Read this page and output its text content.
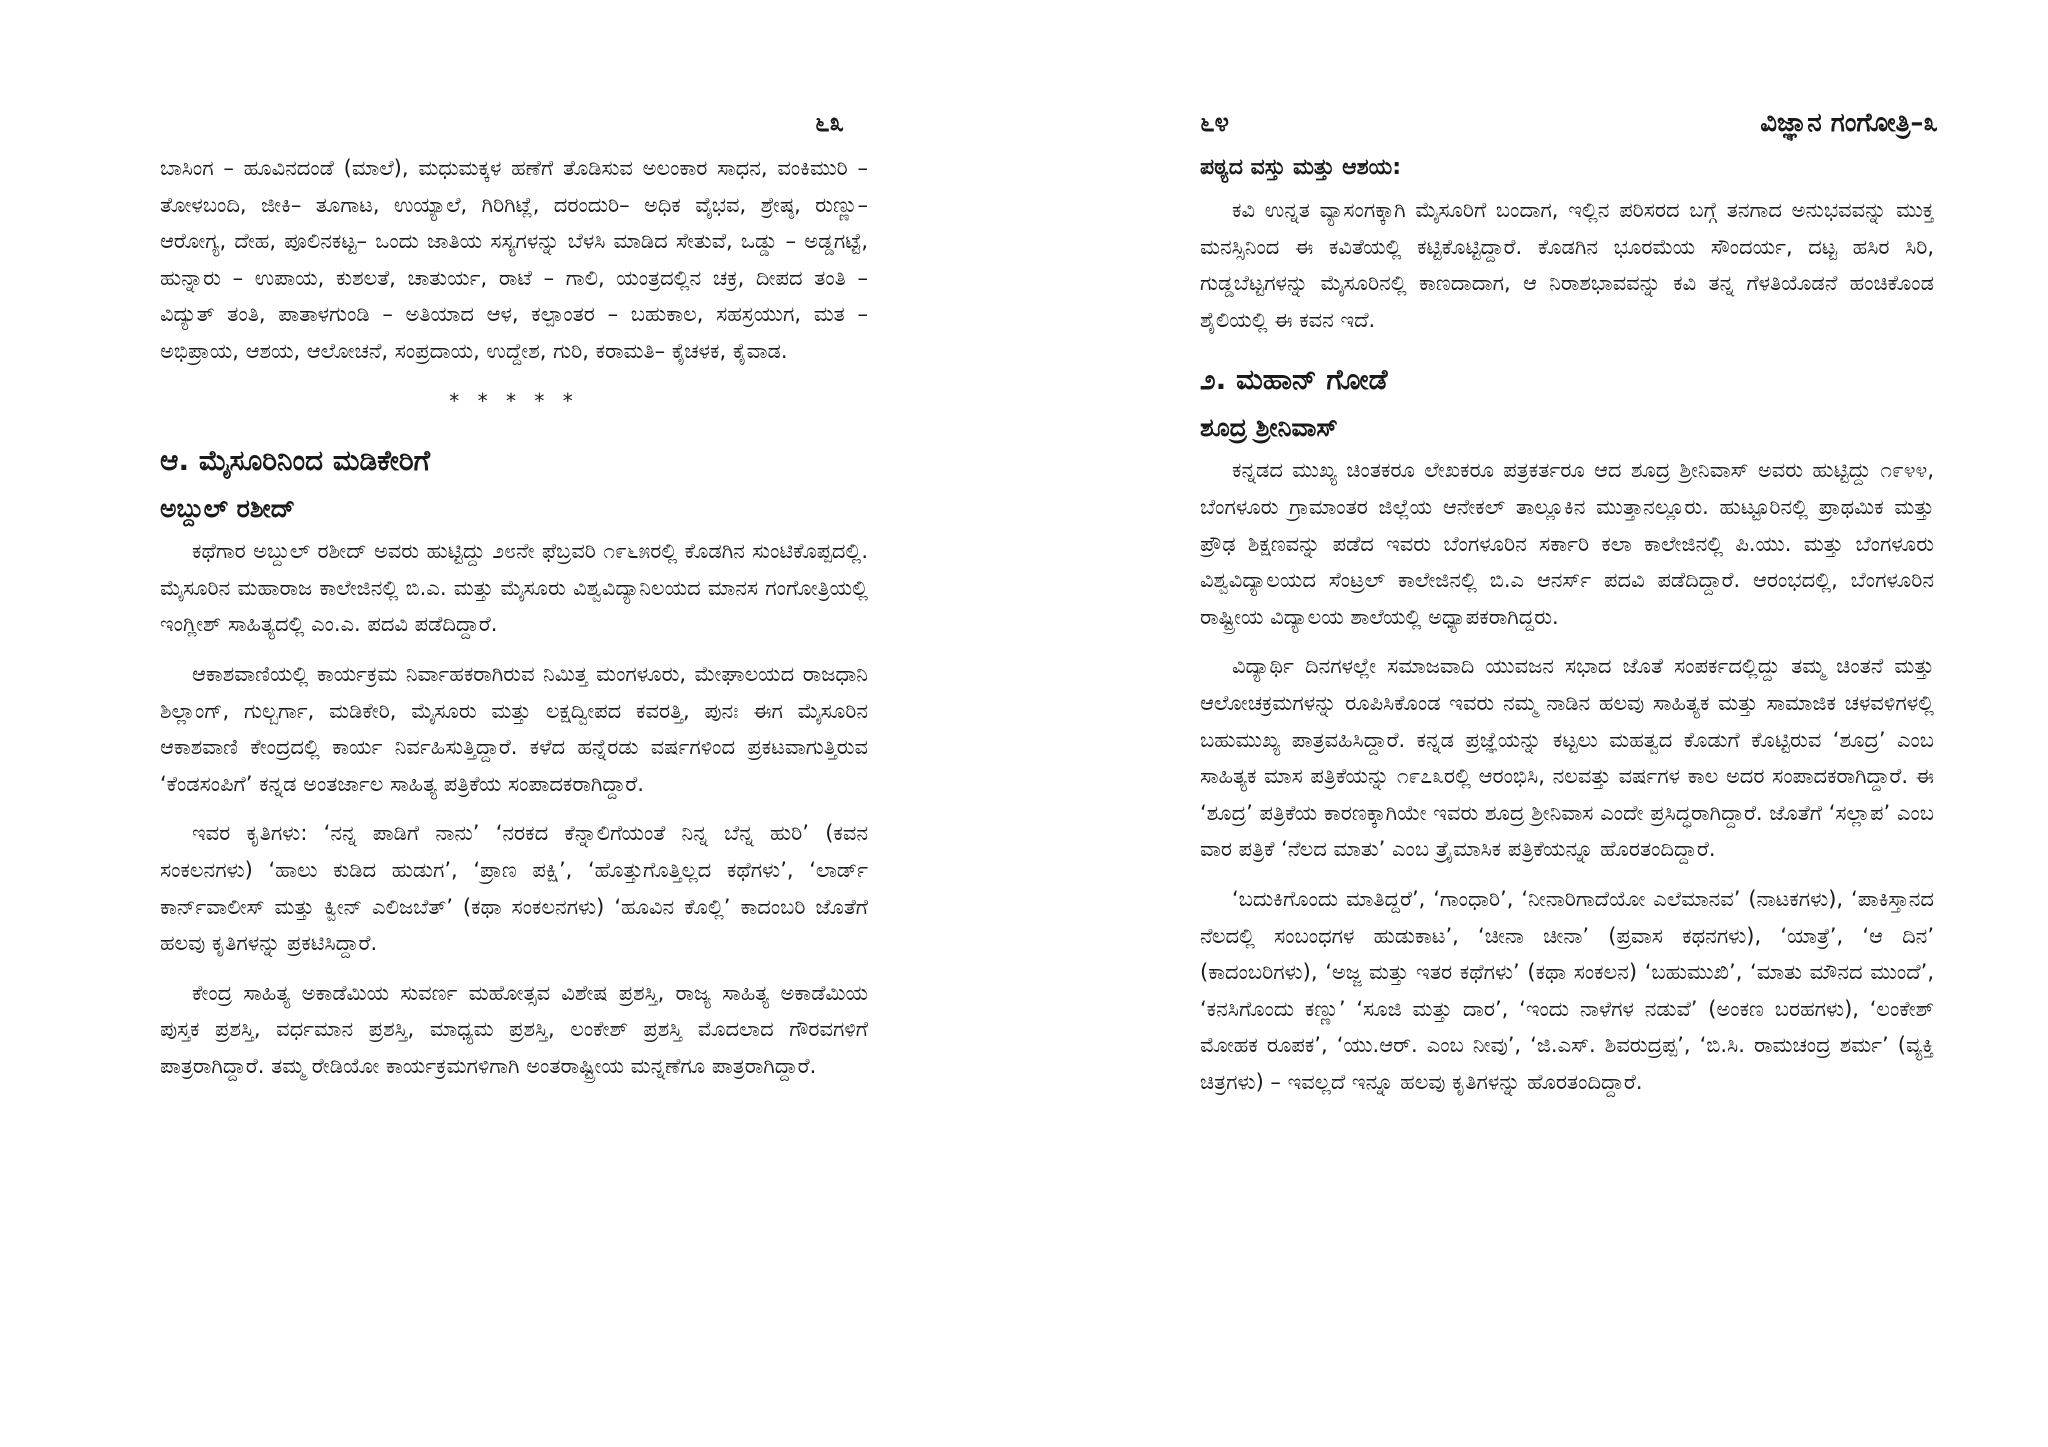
೬೩

ಬಾಸಿಂಗ – ಹೂವಿನದಂಡೆ (ಮಾಲೆ), ಮಧುಮಕ್ಕಳ ಹಣೆಗೆ ತೊಡಿಸುವ ಅಲಂಕಾರ ಸಾಧನ, ವಂಕಿಮುರಿ – ತೋಳಬಂದಿ, ಜೀಕಿ– ತೂಗಾಟ, ಉಯ್ಯಾಲೆ, ಗಿರಿಗಿಟ್ಲೆ, ದರಂದುರಿ– ಅಧಿಕ ವೈಭವ, ಶ್ರೇಷ್ಠ, ರುಣ್ಣು– ಆರೋಗ್ಯ, ದೇಹ, ಪೂಲಿನಕಟ್ಟ– ಒಂದು ಜಾತಿಯ ಸಸ್ಯಗಳನ್ನು ಬೆಳಸಿ ಮಾಡಿದ ಸೇತುವೆ, ಒಡ್ಡು – ಅಡ್ಡಗಟ್ಟೆ, ಹುನ್ನಾರು – ಉಪಾಯ, ಕುಶಲತೆ, ಚಾತುರ್ಯ, ರಾಟೆ – ಗಾಲಿ, ಯಂತ್ರದಲ್ಲಿನ ಚಕ್ರ, ದೀಪದ ತಂತಿ – ವಿದ್ಯುತ್ ತಂತಿ, ಪಾತಾಳಗುಂಡಿ – ಅತಿಯಾದ ಆಳ, ಕಲ್ಪಾಂತರ – ಬಹುಕಾಲ, ಸಹಸ್ರಯುಗ, ಮತ – ಅಭಿಪ್ರಾಯ, ಆಶಯ, ಆಲೋಚನೆ, ಸಂಪ್ರದಾಯ, ಉದ್ದೇಶ, ಗುರಿ, ಕರಾಮತಿ– ಕೈಚಳಕ, ಕೈವಾಡ.

* * * * *
ಆ. ಮೈಸೂರಿನಿಂದ ಮಡಿಕೇರಿಗೆ
ಅಬ್ದುಲ್ ರಶೀದ್

ಕಥೆಗಾರ ಅಬ್ದುಲ್ ರಶೀದ್ ಅವರು ಹುಟ್ಟಿದ್ದು ೨೮ನೇ ಫೆಬ್ರವರಿ ೧೯೬೫ರಲ್ಲಿ ಕೊಡಗಿನ ಸುಂಟಿಕೊಪ್ಪದಲ್ಲಿ. ಮೈಸೂರಿನ ಮಹಾರಾಜ ಕಾಲೇಜಿನಲ್ಲಿ ಬಿ.ಎ. ಮತ್ತು ಮೈಸೂರು ವಿಶ್ವವಿದ್ಯಾನಿಲಯದ ಮಾನಸ ಗಂಗೋತ್ರಿಯಲ್ಲಿ ಇಂಗ್ಲೀಶ್ ಸಾಹಿತ್ಯದಲ್ಲಿ ಎಂ.ಎ. ಪದವಿ ಪಡೆದಿದ್ದಾರೆ.

ಆಕಾಶವಾಣಿಯಲ್ಲಿ ಕಾರ್ಯಕ್ರಮ ನಿರ್ವಾಹಕರಾಗಿರುವ ನಿಮಿತ್ತ ಮಂಗಳೂರು, ಮೇಘಾಲಯದ ರಾಜಧಾನಿ ಶಿಲ್ಲಾಂಗ್, ಗುಲ್ಬರ್ಗಾ, ಮಡಿಕೇರಿ, ಮೈಸೂರು ಮತ್ತು ಲಕ್ಷದ್ವೀಪದ ಕವರತ್ತಿ, ಪುನಃ ಈಗ ಮೈಸೂರಿನ ಆಕಾಶವಾಣಿ ಕೇಂದ್ರದಲ್ಲಿ ಕಾರ್ಯ ನಿರ್ವಹಿಸುತ್ತಿದ್ದಾರೆ. ಕಳೆದ ಹನ್ನೆರಡು ವರ್ಷಗಳಿಂದ ಪ್ರಕಟವಾಗುತ್ತಿರುವ ‘ಕೆಂಡಸಂಪಿಗೆ’ ಕನ್ನಡ ಅಂತರ್ಜಾಲ ಸಾಹಿತ್ಯ ಪತ್ರಿಕೆಯ ಸಂಪಾದಕರಾಗಿದ್ದಾರೆ.

ಇವರ ಕೃತಿಗಳು: ‘ನನ್ನ ಪಾಡಿಗೆ ನಾನು’ ‘ನರಕದ ಕೆನ್ನಾಲಿಗೆಯಂತೆ ನಿನ್ನ ಬೆನ್ನ ಹುರಿ’ (ಕವನ ಸಂಕಲನಗಳು) ‘ಹಾಲು ಕುಡಿದ ಹುಡುಗ’, ‘ಪ್ರಾಣ ಪಕ್ಷಿ’, ‘ಹೊತ್ತುಗೊತ್ತಿಲ್ಲದ ಕಥೆಗಳು’, ‘ಲಾರ್ಡ್ ಕಾರ್ನ್‌ವಾಲೀಸ್ ಮತ್ತು ಕ್ವೀನ್ ಎಲಿಜಬೆತ್’ (ಕಥಾ ಸಂಕಲನಗಳು) ‘ಹೂವಿನ ಕೊಲ್ಲಿ’ ಕಾದಂಬರಿ ಜೊತೆಗೆ ಹಲವು ಕೃತಿಗಳನ್ನು ಪ್ರಕಟಿಸಿದ್ದಾರೆ.

ಕೇಂದ್ರ ಸಾಹಿತ್ಯ ಅಕಾಡೆಮಿಯ ಸುವರ್ಣ ಮಹೋತ್ಸವ ವಿಶೇಷ ಪ್ರಶಸ್ತಿ, ರಾಜ್ಯ ಸಾಹಿತ್ಯ ಅಕಾಡೆಮಿಯ ಪುಸ್ತಕ ಪ್ರಶಸ್ತಿ, ವರ್ಧಮಾನ ಪ್ರಶಸ್ತಿ, ಮಾಧ್ಯಮ ಪ್ರಶಸ್ತಿ, ಲಂಕೇಶ್ ಪ್ರಶಸ್ತಿ ಮೊದಲಾದ ಗೌರವಗಳಿಗೆ ಪಾತ್ರರಾಗಿದ್ದಾರೆ. ತಮ್ಮ ರೇಡಿಯೋ ಕಾರ್ಯಕ್ರಮಗಳಿಗಾಗಿ ಅಂತರಾಷ್ಟ್ರೀಯ ಮನ್ನಣೆಗೂ ಪಾತ್ರರಾಗಿದ್ದಾರೆ.

೬೪	ವಿಜ್ಞಾನ ಗಂಗೋತ್ರಿ–೩
ಪಠ್ಯದ ವಸ್ತು ಮತ್ತು ಆಶಯ:

ಕವಿ ಉನ್ನತ ವ್ಯಾಸಂಗಕ್ಕಾಗಿ ಮೈಸೂರಿಗೆ ಬಂದಾಗ, ಇಲ್ಲಿನ ಪರಿಸರದ ಬಗ್ಗೆ ತನಗಾದ ಅನುಭವವನ್ನು ಮುಕ್ತ ಮನಸ್ಸಿನಿಂದ ಈ ಕವಿತೆಯಲ್ಲಿ ಕಟ್ಟಿಕೊಟ್ಟಿದ್ದಾರೆ. ಕೊಡಗಿನ ಭೂರಮೆಯ ಸೌಂದರ್ಯ, ದಟ್ಟ ಹಸಿರ ಸಿರಿ, ಗುಡ್ಡಬೆಟ್ಟಗಳನ್ನು ಮೈಸೂರಿನಲ್ಲಿ ಕಾಣದಾದಾಗ, ಆ ನಿರಾಶಭಾವವನ್ನು ಕವಿ ತನ್ನ ಗೆಳತಿಯೊಡನೆ ಹಂಚಿಕೊಂಡ ಶೈಲಿಯಲ್ಲಿ ಈ ಕವನ ಇದೆ.

೨. ಮಹಾನ್ ಗೋಡೆ
ಶೂದ್ರ ಶ್ರೀನಿವಾಸ್

ಕನ್ನಡದ ಮುಖ್ಯ ಚಿಂತಕರೂ ಲೇಖಕರೂ ಪತ್ರಕರ್ತರೂ ಆದ ಶೂದ್ರ ಶ್ರೀನಿವಾಸ್ ಅವರು ಹುಟ್ಟಿದ್ದು ೧೯೪೪, ಬೆಂಗಳೂರು ಗ್ರಾಮಾಂತರ ಜಿಲ್ಲೆಯ ಆನೇಕಲ್ ತಾಲ್ಲೂಕಿನ ಮುತ್ತಾನಲ್ಲೂರು. ಹುಟ್ಟೂರಿನಲ್ಲಿ ಪ್ರಾಥಮಿಕ ಮತ್ತು ಪ್ರೌಢ ಶಿಕ್ಷಣವನ್ನು ಪಡೆದ ಇವರು ಬೆಂಗಳೂರಿನ ಸರ್ಕಾರಿ ಕಲಾ ಕಾಲೇಜಿನಲ್ಲಿ ಪಿ.ಯು. ಮತ್ತು ಬೆಂಗಳೂರು ವಿಶ್ವವಿದ್ಯಾಲಯದ ಸೆಂಟ್ರಲ್ ಕಾಲೇಜಿನಲ್ಲಿ ಬಿ.ಎ ಆನರ್ಸ್ ಪದವಿ ಪಡೆದಿದ್ದಾರೆ. ಆರಂಭದಲ್ಲಿ, ಬೆಂಗಳೂರಿನ ರಾಷ್ಟ್ರೀಯ ವಿದ್ಯಾಲಯ ಶಾಲೆಯಲ್ಲಿ ಅಧ್ಯಾಪಕರಾಗಿದ್ದರು.

ವಿದ್ಯಾರ್ಥಿ ದಿನಗಳಲ್ಲೇ ಸಮಾಜವಾದಿ ಯುವಜನ ಸಭಾದ ಜೊತೆ ಸಂಪರ್ಕದಲ್ಲಿದ್ದು ತಮ್ಮ ಚಿಂತನೆ ಮತ್ತು ಆಲೋಚಕ್ರಮಗಳನ್ನು ರೂಪಿಸಿಕೊಂಡ ಇವರು ನಮ್ಮ ನಾಡಿನ ಹಲವು ಸಾಹಿತ್ಯಕ ಮತ್ತು ಸಾಮಾಜಿಕ ಚಳವಳಿಗಳಲ್ಲಿ ಬಹುಮುಖ್ಯ ಪಾತ್ರವಹಿಸಿದ್ದಾರೆ. ಕನ್ನಡ ಪ್ರಜ್ಞೆಯನ್ನು ಕಟ್ಟಲು ಮಹತ್ವದ ಕೊಡುಗೆ ಕೊಟ್ಟಿರುವ ‘ಶೂದ್ರ’ ಎಂಬ ಸಾಹಿತ್ಯಕ ಮಾಸ ಪತ್ರಿಕೆಯನ್ನು ೧೯೭೩ರಲ್ಲಿ ಆರಂಭಿಸಿ, ನಲವತ್ತು ವರ್ಷಗಳ ಕಾಲ ಅದರ ಸಂಪಾದಕರಾಗಿದ್ದಾರೆ. ಈ ‘ಶೂದ್ರ’ ಪತ್ರಿಕೆಯ ಕಾರಣಕ್ಕಾಗಿಯೇ ಇವರು ಶೂದ್ರ ಶ್ರೀನಿವಾಸ ಎಂದೇ ಪ್ರಸಿದ್ಧರಾಗಿದ್ದಾರೆ. ಜೊತೆಗೆ ‘ಸಲ್ಲಾಪ’ ಎಂಬ ವಾರ ಪತ್ರಿಕೆ ‘ನೆಲದ ಮಾತು’ ಎಂಬ ತ್ರೈಮಾಸಿಕ ಪತ್ರಿಕೆಯನ್ನೂ ಹೊರತಂದಿದ್ದಾರೆ.

‘ಬದುಕಿಗೊಂದು ಮಾತಿದ್ದರೆ’, ‘ಗಾಂಧಾರಿ’, ‘ನೀನಾರಿಗಾದೆಯೋ ಎಲೆಮಾನವ’ (ನಾಟಕಗಳು), ‘ಪಾಕಿಸ್ತಾನದ ನೆಲದಲ್ಲಿ ಸಂಬಂಧಗಳ ಹುಡುಕಾಟ’, ‘ಚೀನಾ ಚೀನಾ’ (ಪ್ರವಾಸ ಕಥನಗಳು), ‘ಯಾತ್ರೆ’, ‘ಆ ದಿನ’ (ಕಾದಂಬರಿಗಳು), ‘ಅಜ್ಜ ಮತ್ತು ಇತರ ಕಥೆಗಳು’ (ಕಥಾ ಸಂಕಲನ) ‘ಬಹುಮುಖಿ’, ‘ಮಾತು ಮೌನದ ಮುಂದೆ’, ‘ಕನಸಿಗೊಂದು ಕಣ್ಣು’ ‘ಸೂಜಿ ಮತ್ತು ದಾರ’, ‘ಇಂದು ನಾಳೆಗಳ ನಡುವೆ’ (ಅಂಕಣ ಬರಹಗಳು), ‘ಲಂಕೇಶ್ ಮೋಹಕ ರೂಪಕ’, ‘ಯು.ಆರ್. ಎಂಬ ನೀವು’, ‘ಜಿ.ಎಸ್. ಶಿವರುದ್ರಪ್ಪ’, ‘ಬಿ.ಸಿ. ರಾಮಚಂದ್ರ ಶರ್ಮ’ (ವ್ಯಕ್ತಿ ಚಿತ್ರಗಳು) – ಇವಲ್ಲದೆ ಇನ್ನೂ ಹಲವು ಕೃತಿಗಳನ್ನು ಹೊರತಂದಿದ್ದಾರೆ.
